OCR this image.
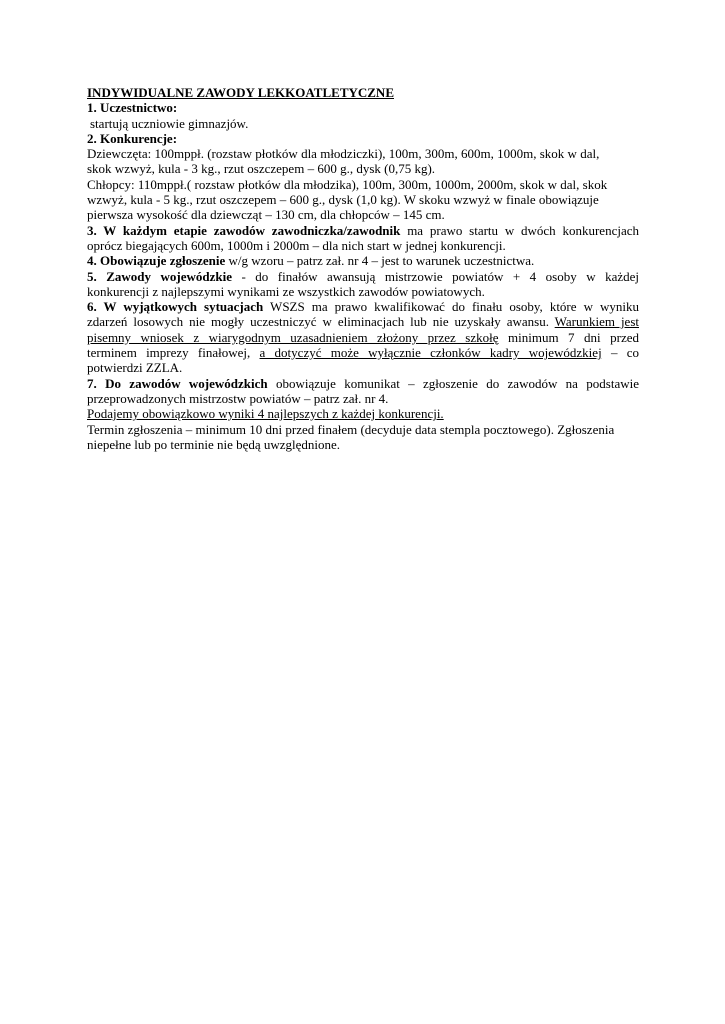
INDYWIDUALNE ZAWODY LEKKOATLETYCZNE
1. Uczestnictwo:
startują uczniowie gimnazjów.
2. Konkurencje:
Dziewczęta: 100mppł. (rozstaw płotków dla młodziczki), 100m, 300m, 600m, 1000m, skok w dal,
skok wzwyż, kula - 3 kg., rzut oszczepem – 600 g., dysk (0,75 kg).
Chłopcy: 110mppł.( rozstaw płotków dla młodzika), 100m, 300m, 1000m, 2000m, skok w dal, skok
wzwyż, kula - 5 kg., rzut oszczepem – 600 g., dysk (1,0 kg). W skoku wzwyż w finale obowiązuje
pierwsza wysokość dla dziewcząt – 130 cm, dla chłopców – 145 cm.
3. W każdym etapie zawodów zawodniczka/zawodnik ma prawo startu w dwóch konkurencjach
oprócz biegających 600m, 1000m i 2000m – dla nich start w jednej konkurencji.
4. Obowiązuje zgłoszenie w/g wzoru – patrz zał. nr 4 – jest to warunek uczestnictwa.
5. Zawody wojewódzkie - do finałów awansują mistrzowie powiatów + 4 osoby w każdej
konkurencji z najlepszymi wynikami ze wszystkich zawodów powiatowych.
6. W wyjątkowych sytuacjach WSZS ma prawo kwalifikować do finału osoby, które w wyniku
zdarzeń losowych nie mogły uczestniczyć w eliminacjach lub nie uzyskały awansu. Warunkiem jest
pisemny wniosek z wiarygodnym uzasadnieniem złożony przez szkołę minimum 7 dni przed
terminem imprezy finałowej, a dotyczyć może wyłącznie członków kadry wojewódzkiej – co
potwierdzi ZZLA.
7. Do zawodów wojewódzkich obowiązuje komunikat – zgłoszenie do zawodów na podstawie
przeprowadzonych mistrzostw powiatów – patrz zał. nr 4.
Podajemy obowiązkowo wyniki 4 najlepszych z każdej konkurencji.
Termin zgłoszenia – minimum 10 dni przed finałem (decyduje data stempla pocztowego). Zgłoszenia
niepełne lub po terminie nie będą uwzględnione.
